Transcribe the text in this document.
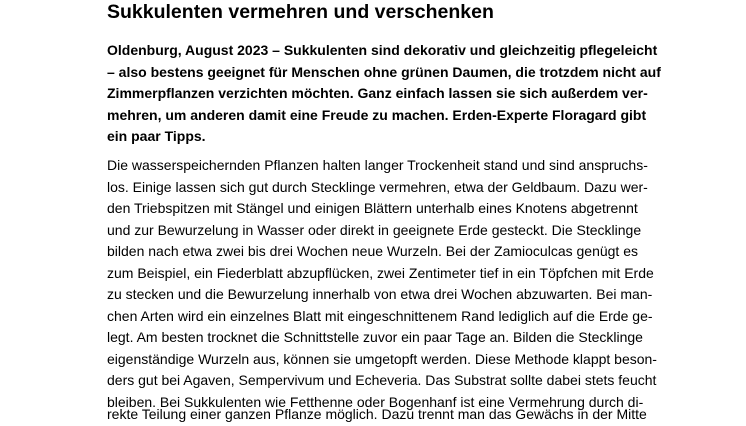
Sukkulenten vermehren und verschenken
Oldenburg, August 2023 – Sukkulenten sind dekorativ und gleichzeitig pflegeleicht
– also bestens geeignet für Menschen ohne grünen Daumen, die trotzdem nicht auf
Zimmerpflanzen verzichten möchten. Ganz einfach lassen sie sich außerdem ver-
mehren, um anderen damit eine Freude zu machen. Erden-Experte Floragard gibt
ein paar Tipps.
Die wasserspeichernden Pflanzen halten langer Trockenheit stand und sind anspruchs-
los. Einige lassen sich gut durch Stecklinge vermehren, etwa der Geldbaum. Dazu wer-
den Triebspitzen mit Stängel und einigen Blättern unterhalb eines Knotens abgetrennt
und zur Bewurzelung in Wasser oder direkt in geeignete Erde gesteckt. Die Stecklinge
bilden nach etwa zwei bis drei Wochen neue Wurzeln. Bei der Zamioculcas genügt es
zum Beispiel, ein Fiederblatt abzupflücken, zwei Zentimeter tief in ein Töpfchen mit Erde
zu stecken und die Bewurzelung innerhalb von etwa drei Wochen abzuwarten. Bei man-
chen Arten wird ein einzelnes Blatt mit eingeschnittenem Rand lediglich auf die Erde ge-
legt. Am besten trocknet die Schnittstelle zuvor ein paar Tage an. Bilden die Stecklinge
eigenständige Wurzeln aus, können sie umgetopft werden. Diese Methode klappt beson-
ders gut bei Agaven, Sempervivum und Echeveria. Das Substrat sollte dabei stets feucht
bleiben. Bei Sukkulenten wie Fetthenne oder Bogenhanf ist eine Vermehrung durch di-
rekte Teilung einer ganzen Pflanze möglich. Dazu trennt man das Gewächs in der Mitte
